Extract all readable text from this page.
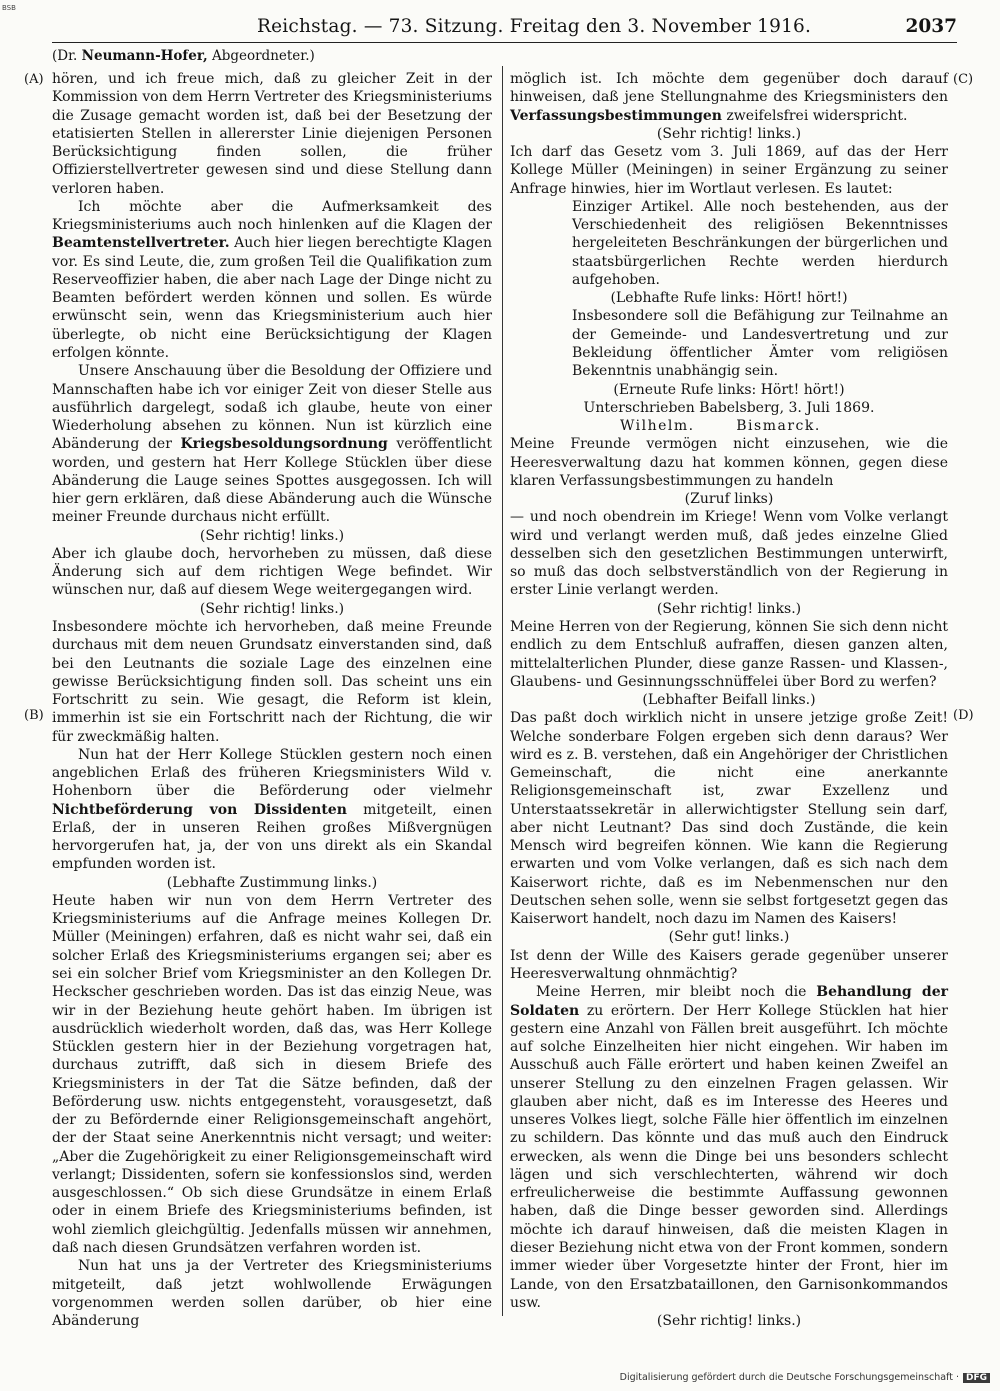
BSB
Reichstag. — 73. Sitzung. Freitag den 3. November 1916.	2037
(Dr. Neumann-Hofer, Abgeordneter.)
(A)
(B)
(C)
(D)

hören, und ich freue mich, daß zu gleicher Zeit in der Kommission von dem Herrn Vertreter des Kriegsministeriums die Zusage gemacht worden ist, daß bei der Besetzung der etatisierten Stellen in allererster Linie diejenigen Personen Berücksichtigung finden sollen, die früher Offizierstellvertreter gewesen sind und diese Stellung dann verloren haben.

Ich möchte aber die Aufmerksamkeit des Kriegsministeriums auch noch hinlenken auf die Klagen der Beamtenstellvertreter. Auch hier liegen berechtigte Klagen vor. Es sind Leute, die, zum großen Teil die Qualifikation zum Reserveoffizier haben, die aber nach Lage der Dinge nicht zu Beamten befördert werden können und sollen. Es würde erwünscht sein, wenn das Kriegsministerium auch hier überlegte, ob nicht eine Berücksichtigung der Klagen erfolgen könnte.

Unsere Anschauung über die Besoldung der Offiziere und Mannschaften habe ich vor einiger Zeit von dieser Stelle aus ausführlich dargelegt, sodaß ich glaube, heute von einer Wiederholung absehen zu können. Nun ist kürzlich eine Abänderung der Kriegsbesoldungsordnung veröffentlicht worden, und gestern hat Herr Kollege Stücklen über diese Abänderung die Lauge seines Spottes ausgegossen. Ich will hier gern erklären, daß diese Abänderung auch die Wünsche meiner Freunde durchaus nicht erfüllt.

(Sehr richtig! links.)

Aber ich glaube doch, hervorheben zu müssen, daß diese Änderung sich auf dem richtigen Wege befindet. Wir wünschen nur, daß auf diesem Wege weitergegangen wird.

(Sehr richtig! links.)

Insbesondere möchte ich hervorheben, daß meine Freunde durchaus mit dem neuen Grundsatz einverstanden sind, daß bei den Leutnants die soziale Lage des einzelnen eine gewisse Berücksichtigung finden soll. Das scheint uns ein Fortschritt zu sein. Wie gesagt, die Reform ist klein, immerhin ist sie ein Fortschritt nach der Richtung, die wir für zweckmäßig halten.

Nun hat der Herr Kollege Stücklen gestern noch einen angeblichen Erlaß des früheren Kriegsministers Wild v. Hohenborn über die Beförderung oder vielmehr Nichtbeförderung von Dissidenten mitgeteilt, einen Erlaß, der in unseren Reihen großes Mißvergnügen hervorgerufen hat, ja, der von uns direkt als ein Skandal empfunden worden ist.

(Lebhafte Zustimmung links.)

Heute haben wir nun von dem Herrn Vertreter des Kriegsministeriums auf die Anfrage meines Kollegen Dr. Müller (Meiningen) erfahren, daß es nicht wahr sei, daß ein solcher Erlaß des Kriegsministeriums ergangen sei; aber es sei ein solcher Brief vom Kriegsminister an den Kollegen Dr. Heckscher geschrieben worden. Das ist das einzig Neue, was wir in der Beziehung heute gehört haben. Im übrigen ist ausdrücklich wiederholt worden, daß das, was Herr Kollege Stücklen gestern hier in der Beziehung vorgetragen hat, durchaus zutrifft, daß sich in diesem Briefe des Kriegsministers in der Tat die Sätze befinden, daß der Beförderung usw. nichts entgegensteht, vorausgesetzt, daß der zu Befördernde einer Religionsgemeinschaft angehört, der der Staat seine Anerkenntnis nicht versagt; und weiter: „Aber die Zugehörigkeit zu einer Religionsgemeinschaft wird verlangt; Dissidenten, sofern sie konfessionslos sind, werden ausgeschlossen.“ Ob sich diese Grundsätze in einem Erlaß oder in einem Briefe des Kriegsministeriums befinden, ist wohl ziemlich gleichgültig. Jedenfalls müssen wir annehmen, daß nach diesen Grundsätzen verfahren worden ist.

Nun hat uns ja der Vertreter des Kriegsministeriums mitgeteilt, daß jetzt wohlwollende Erwägungen vorgenommen werden sollen darüber, ob hier eine Abänderung

möglich ist. Ich möchte dem gegenüber doch darauf hinweisen, daß jene Stellungnahme des Kriegsministers den Verfassungsbestimmungen zweifelsfrei widerspricht.

(Sehr richtig! links.)

Ich darf das Gesetz vom 3. Juli 1869, auf das der Herr Kollege Müller (Meiningen) in seiner Ergänzung zu seiner Anfrage hinwies, hier im Wortlaut verlesen. Es lautet:

Einziger Artikel. Alle noch bestehenden, aus der Verschiedenheit des religiösen Bekenntnisses hergeleiteten Beschränkungen der bürgerlichen und staatsbürgerlichen Rechte werden hierdurch aufgehoben.

(Lebhafte Rufe links: Hört! hört!)

Insbesondere soll die Befähigung zur Teilnahme an der Gemeinde- und Landesvertretung und zur Bekleidung öffentlicher Ämter vom religiösen Bekenntnis unabhängig sein.

(Erneute Rufe links: Hört! hört!)

Unterschrieben Babelsberg, 3. Juli 1869.

Wilhelm.       Bismarck.

Meine Freunde vermögen nicht einzusehen, wie die Heeresverwaltung dazu hat kommen können, gegen diese klaren Verfassungsbestimmungen zu handeln

(Zuruf links)

— und noch obendrein im Kriege! Wenn vom Volke verlangt wird und verlangt werden muß, daß jedes einzelne Glied desselben sich den gesetzlichen Bestimmungen unterwirft, so muß das doch selbstverständlich von der Regierung in erster Linie verlangt werden.

(Sehr richtig! links.)

Meine Herren von der Regierung, können Sie sich denn nicht endlich zu dem Entschluß aufraffen, diesen ganzen alten, mittelalterlichen Plunder, diese ganze Rassen- und Klassen-, Glaubens- und Gesinnungsschnüffelei über Bord zu werfen?

(Lebhafter Beifall links.)

Das paßt doch wirklich nicht in unsere jetzige große Zeit! Welche sonderbare Folgen ergeben sich denn daraus? Wer wird es z. B. verstehen, daß ein Angehöriger der Christlichen Gemeinschaft, die nicht eine anerkannte Religionsgemeinschaft ist, zwar Exzellenz und Unterstaatssekretär in allerwichtigster Stellung sein darf, aber nicht Leutnant? Das sind doch Zustände, die kein Mensch wird begreifen können. Wie kann die Regierung erwarten und vom Volke verlangen, daß es sich nach dem Kaiserwort richte, daß es im Nebenmenschen nur den Deutschen sehen solle, wenn sie selbst fortgesetzt gegen das Kaiserwort handelt, noch dazu im Namen des Kaisers!

(Sehr gut! links.)

Ist denn der Wille des Kaisers gerade gegenüber unserer Heeresverwaltung ohnmächtig?

Meine Herren, mir bleibt noch die Behandlung der Soldaten zu erörtern. Der Herr Kollege Stücklen hat hier gestern eine Anzahl von Fällen breit ausgeführt. Ich möchte auf solche Einzelheiten hier nicht eingehen. Wir haben im Ausschuß auch Fälle erörtert und haben keinen Zweifel an unserer Stellung zu den einzelnen Fragen gelassen. Wir glauben aber nicht, daß es im Interesse des Heeres und unseres Volkes liegt, solche Fälle hier öffentlich im einzelnen zu schildern. Das könnte und das muß auch den Eindruck erwecken, als wenn die Dinge bei uns besonders schlecht lägen und sich verschlechterten, während wir doch erfreulicherweise die bestimmte Auffassung gewonnen haben, daß die Dinge besser geworden sind. Allerdings möchte ich darauf hinweisen, daß die meisten Klagen in dieser Beziehung nicht etwa von der Front kommen, sondern immer wieder über Vorgesetzte hinter der Front, hier im Lande, von den Ersatzbataillonen, den Garnisonkommandos usw.

(Sehr richtig! links.)

Digitalisierung gefördert durch die Deutsche Forschungsgemeinschaft · DFG
